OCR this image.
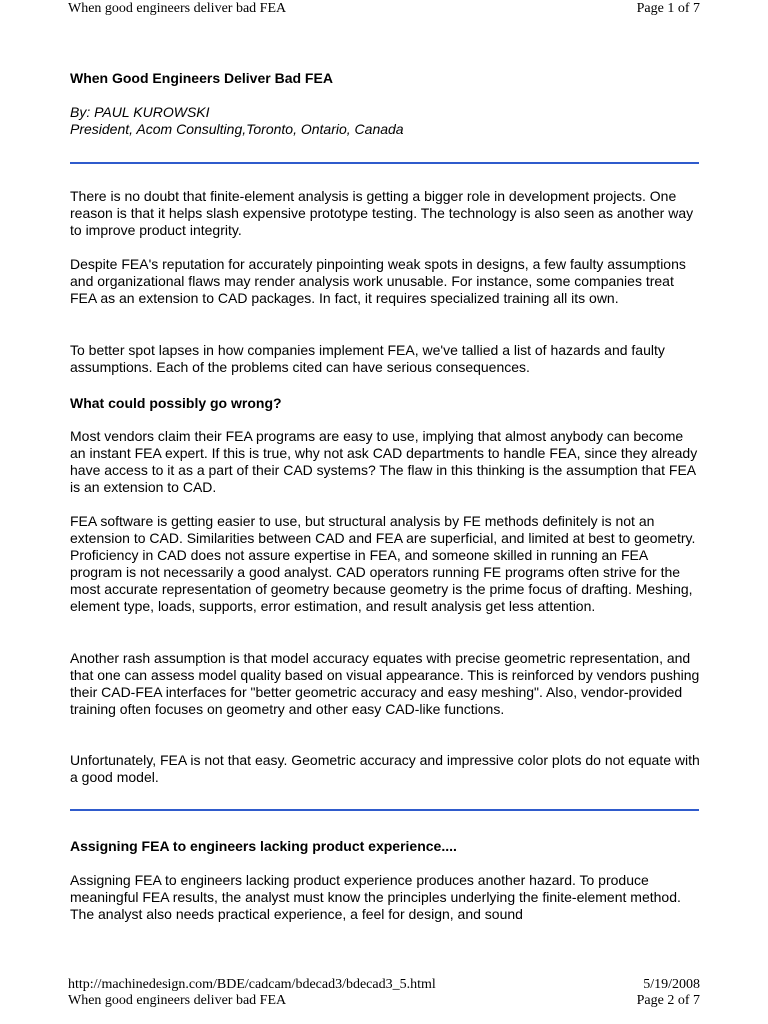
When good engineers deliver bad FEA	Page 1 of 7
When Good Engineers Deliver Bad FEA
By: PAUL KUROWSKI
President, Acom Consulting,Toronto, Ontario, Canada

There is no doubt that finite-element analysis is getting a bigger role in development projects. One reason is that it helps slash expensive prototype testing. The technology is also seen as another way to improve product integrity.

Despite FEA's reputation for accurately pinpointing weak spots in designs, a few faulty assumptions and organizational flaws may render analysis work unusable. For instance, some companies treat FEA as an extension to CAD packages. In fact, it requires specialized training all its own.

To better spot lapses in how companies implement FEA, we've tallied a list of hazards and faulty assumptions. Each of the problems cited can have serious consequences.

What could possibly go wrong?

Most vendors claim their FEA programs are easy to use, implying that almost anybody can become an instant FEA expert. If this is true, why not ask CAD departments to handle FEA, since they already have access to it as a part of their CAD systems? The flaw in this thinking is the assumption that FEA is an extension to CAD.

FEA software is getting easier to use, but structural analysis by FE methods definitely is not an extension to CAD. Similarities between CAD and FEA are superficial, and limited at best to geometry. Proficiency in CAD does not assure expertise in FEA, and someone skilled in running an FEA program is not necessarily a good analyst. CAD operators running FE programs often strive for the most accurate representation of geometry because geometry is the prime focus of drafting. Meshing, element type, loads, supports, error estimation, and result analysis get less attention.

Another rash assumption is that model accuracy equates with precise geometric representation, and that one can assess model quality based on visual appearance. This is reinforced by vendors pushing their CAD-FEA interfaces for "better geometric accuracy and easy meshing". Also, vendor-provided training often focuses on geometry and other easy CAD-like functions.

Unfortunately, FEA is not that easy. Geometric accuracy and impressive color plots do not equate with a good model.

Assigning FEA to engineers lacking product experience....

Assigning FEA to engineers lacking product experience produces another hazard. To produce meaningful FEA results, the analyst must know the principles underlying the finite-element method. The analyst also needs practical experience, a feel for design, and sound

http://machinedesign.com/BDE/cadcam/bdecad3/bdecad3_5.html	5/19/2008
When good engineers deliver bad FEA	Page 2 of 7
